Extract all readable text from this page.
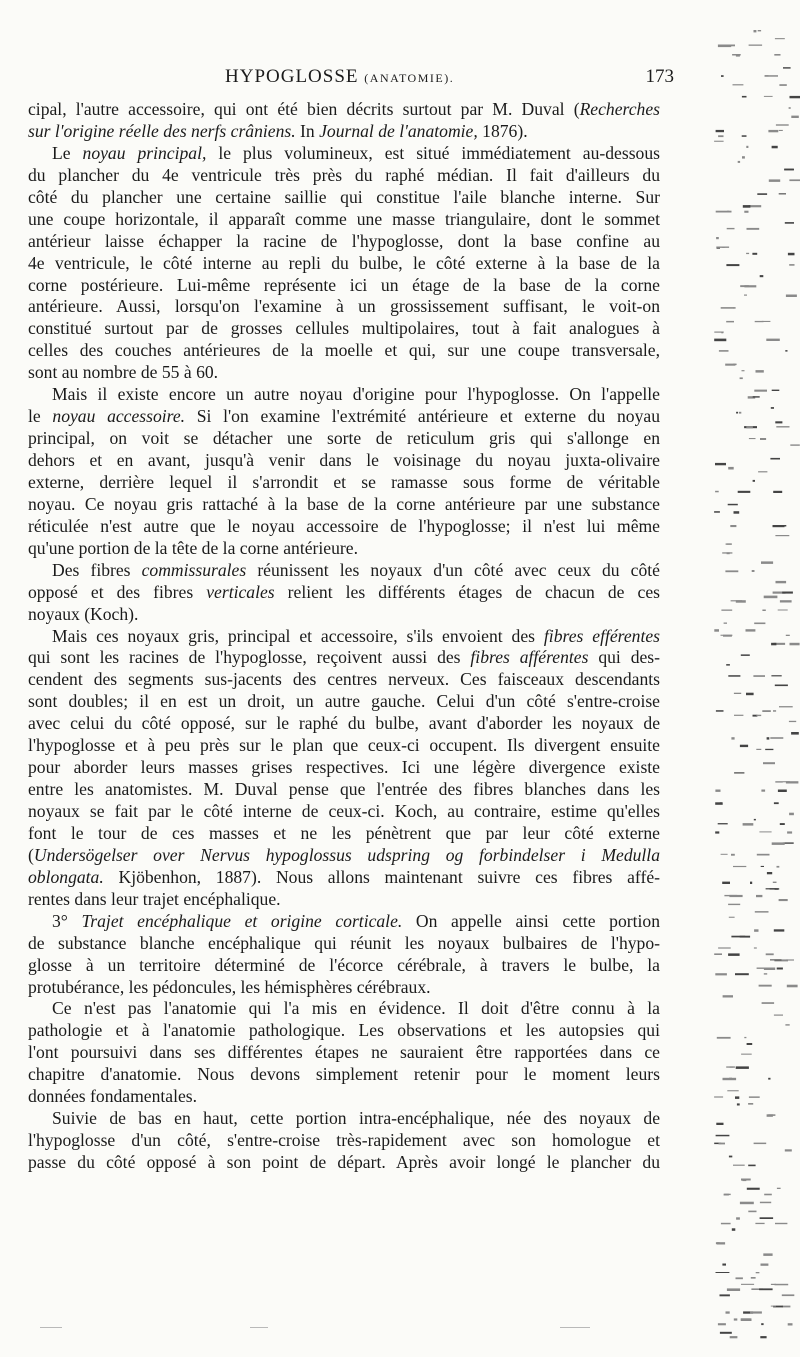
HYPOGLOSSE (ANATOMIE).	173
cipal, l'autre accessoire, qui ont été bien décrits surtout par M. Duval (Recherches
sur l'origine réelle des nerfs crâniens. In Journal de l'anatomie, 1876).
Le noyau principal, le plus volumineux, est situé immédiatement au-dessous
du plancher du 4e ventricule très près du raphé médian. Il fait d'ailleurs du
côté du plancher une certaine saillie qui constitue l'aile blanche interne. Sur
une coupe horizontale, il apparaît comme une masse triangulaire, dont le sommet
antérieur laisse échapper la racine de l'hypoglosse, dont la base confine au
4e ventricule, le côté interne au repli du bulbe, le côté externe à la base de la
corne postérieure. Lui-même représente ici un étage de la base de la corne
antérieure. Aussi, lorsqu'on l'examine à un grossissement suffisant, le voit-on
constitué surtout par de grosses cellules multipolaires, tout à fait analogues à
celles des couches antérieures de la moelle et qui, sur une coupe transversale,
sont au nombre de 55 à 60.
Mais il existe encore un autre noyau d'origine pour l'hypoglosse. On l'appelle
le noyau accessoire. Si l'on examine l'extrémité antérieure et externe du noyau
principal, on voit se détacher une sorte de reticulum gris qui s'allonge en
dehors et en avant, jusqu'à venir dans le voisinage du noyau juxta-olivaire
externe, derrière lequel il s'arrondit et se ramasse sous forme de véritable
noyau. Ce noyau gris rattaché à la base de la corne antérieure par une substance
réticulée n'est autre que le noyau accessoire de l'hypoglosse; il n'est lui même
qu'une portion de la tête de la corne antérieure.
Des fibres commissurales réunissent les noyaux d'un côté avec ceux du côté
opposé et des fibres verticales relient les différents étages de chacun de ces
noyaux (Koch).
Mais ces noyaux gris, principal et accessoire, s'ils envoient des fibres efférentes
qui sont les racines de l'hypoglosse, reçoivent aussi des fibres afférentes qui des-
cendent des segments sus-jacents des centres nerveux. Ces faisceaux descendants
sont doubles; il en est un droit, un autre gauche. Celui d'un côté s'entre-croise
avec celui du côté opposé, sur le raphé du bulbe, avant d'aborder les noyaux de
l'hypoglosse et à peu près sur le plan que ceux-ci occupent. Ils divergent ensuite
pour aborder leurs masses grises respectives. Ici une légère divergence existe
entre les anatomistes. M. Duval pense que l'entrée des fibres blanches dans les
noyaux se fait par le côté interne de ceux-ci. Koch, au contraire, estime qu'elles
font le tour de ces masses et ne les pénètrent que par leur côté externe
(Undersögelser over Nervus hypoglossus udspring og forbindelser i Medulla
oblongata. Kjöbenhon, 1887). Nous allons maintenant suivre ces fibres affé-
rentes dans leur trajet encéphalique.
3° Trajet encéphalique et origine corticale. On appelle ainsi cette portion
de substance blanche encéphalique qui réunit les noyaux bulbaires de l'hypo-
glosse à un territoire déterminé de l'écorce cérébrale, à travers le bulbe, la
protubérance, les pédoncules, les hémisphères cérébraux.
Ce n'est pas l'anatomie qui l'a mis en évidence. Il doit d'être connu à la
pathologie et à l'anatomie pathologique. Les observations et les autopsies qui
l'ont poursuivi dans ses différentes étapes ne sauraient être rapportées dans ce
chapitre d'anatomie. Nous devons simplement retenir pour le moment leurs
données fondamentales.
Suivie de bas en haut, cette portion intra-encéphalique, née des noyaux de
l'hypoglosse d'un côté, s'entre-croise très-rapidement avec son homologue et
passe du côté opposé à son point de départ. Après avoir longé le plancher du
